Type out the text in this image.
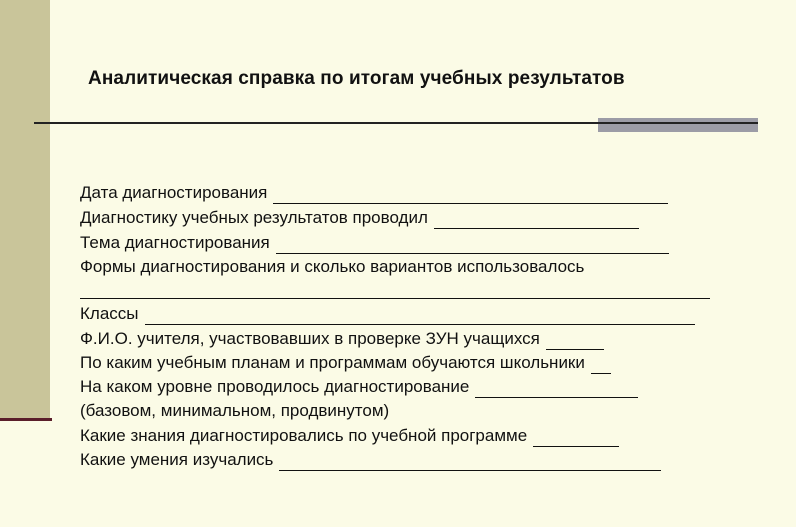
Аналитическая справка по итогам учебных результатов
Дата диагностирования
Диагностику учебных результатов проводил
Тема диагностирования
Формы диагностирования и сколько вариантов использовалось
Классы
Ф.И.О. учителя, участвовавших в проверке ЗУН учащихся
По каким учебным планам и программам обучаются школьники
На каком уровне проводилось диагностирование
(базовом, минимальном, продвинутом)
Какие знания диагностировались по учебной программе
Какие умения изучались
